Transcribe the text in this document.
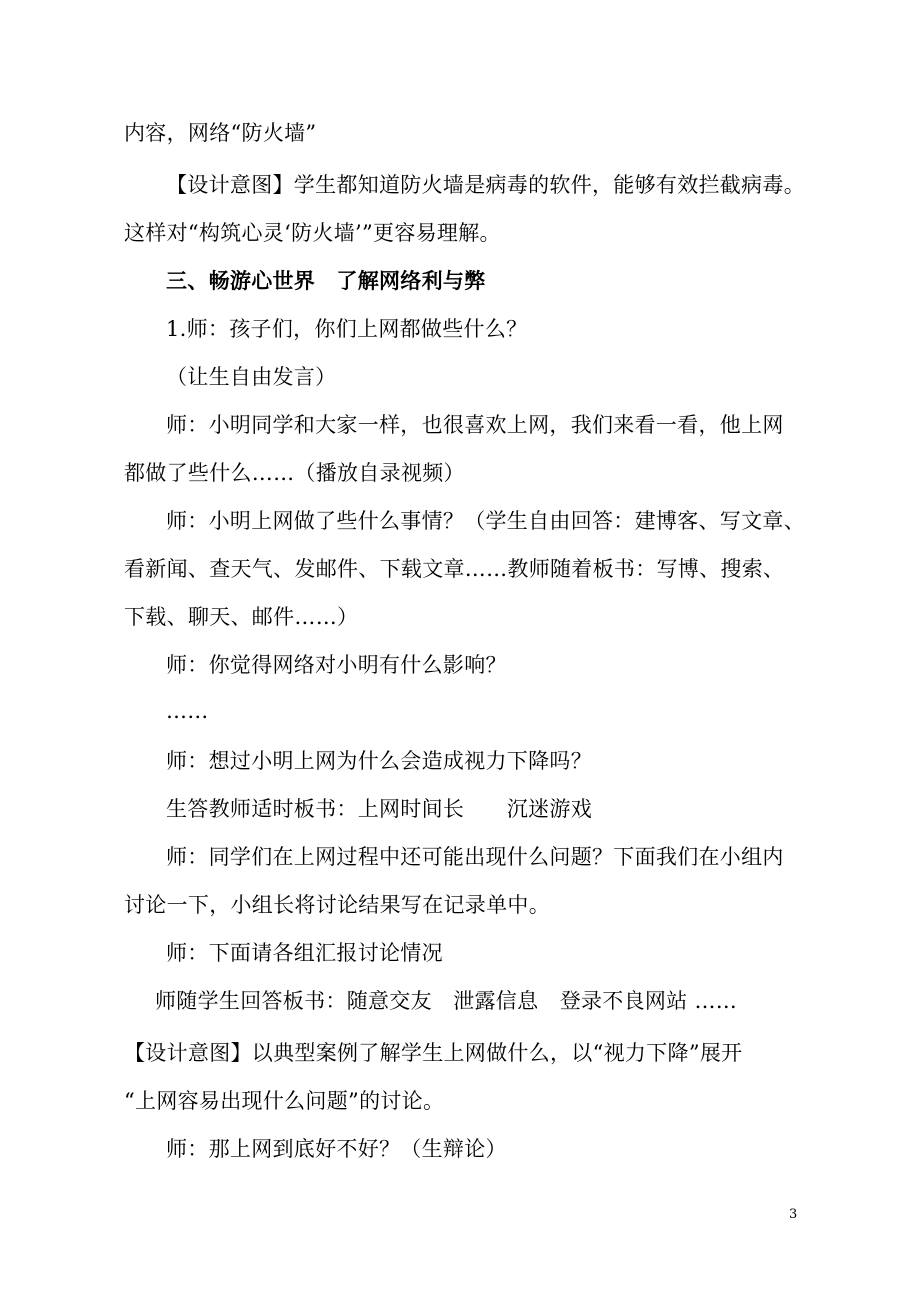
内容，网络“防火墙”
【设计意图】学生都知道防火墙是病毒的软件，能够有效拦截病毒。
这样对“构筑心灵‘防火墙’”更容易理解。
三、畅游心世界　了解网络利与弊
1.师：孩子们，你们上网都做些什么？
（让生自由发言）
师：小明同学和大家一样，也很喜欢上网，我们来看一看，他上网
都做了些什么……（播放自录视频）
师：小明上网做了些什么事情？（学生自由回答：建博客、写文章、
看新闻、查天气、发邮件、下载文章……教师随着板书：写博、搜索、
下载、聊天、邮件……）
师：你觉得网络对小明有什么影响？
……
师：想过小明上网为什么会造成视力下降吗？
生答教师适时板书：上网时间长　　沉迷游戏
师：同学们在上网过程中还可能出现什么问题？下面我们在小组内
讨论一下，小组长将讨论结果写在记录单中。
师：下面请各组汇报讨论情况
师随学生回答板书：随意交友　泄露信息　登录不良网站 ……
【设计意图】以典型案例了解学生上网做什么，以“视力下降”展开
“上网容易出现什么问题”的讨论。
师：那上网到底好不好？（生辩论）
3
